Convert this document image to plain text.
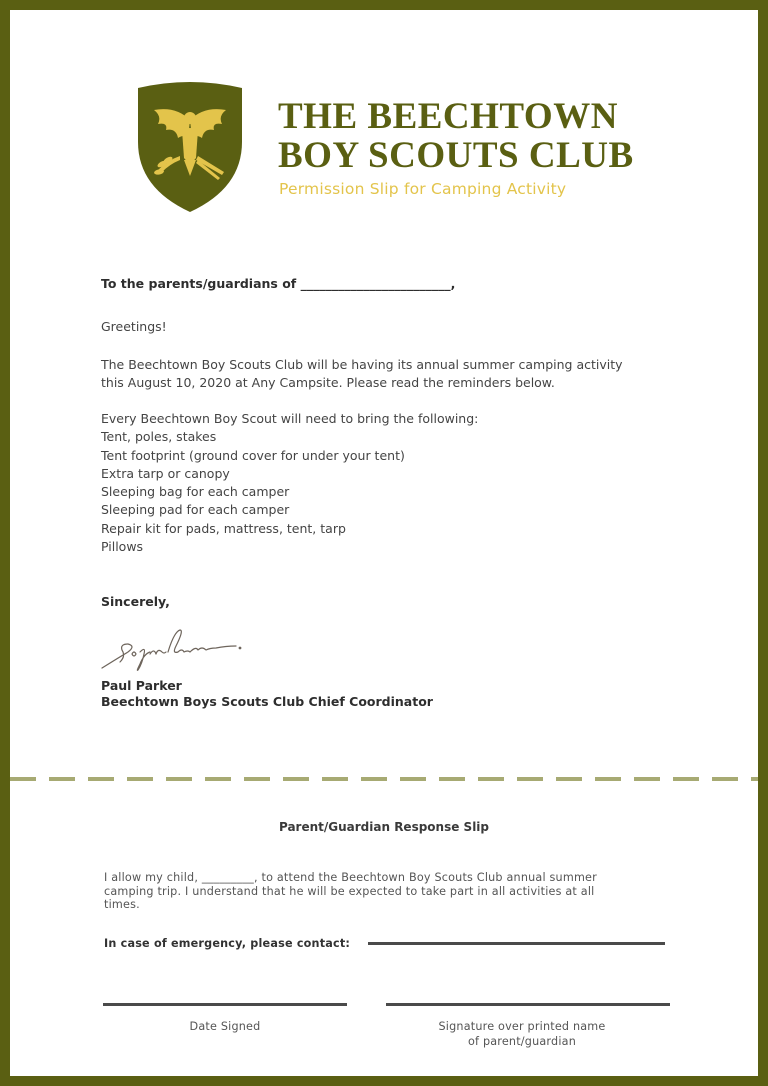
THE BEECHTOWN
BOY SCOUTS CLUB
Permission Slip for Camping Activity
To the parents/guardians of ________________________,
Greetings!
The Beechtown Boy Scouts Club will be having its annual summer camping activity
this August 10, 2020 at Any Campsite. Please read the reminders below.
Every Beechtown Boy Scout will need to bring the following:
Tent, poles, stakes
Tent footprint (ground cover for under your tent)
Extra tarp or canopy
Sleeping bag for each camper
Sleeping pad for each camper
Repair kit for pads, mattress, tent, tarp
Pillows
Sincerely,
Paul Parker
Beechtown Boys Scouts Club Chief Coordinator
Parent/Guardian Response Slip
I allow my child, _________, to attend the Beechtown Boy Scouts Club annual summer
camping trip. I understand that he will be expected to take part in all activities at all
times.
In case of emergency, please contact:
Date Signed	Signature over printed name
of parent/guardian
